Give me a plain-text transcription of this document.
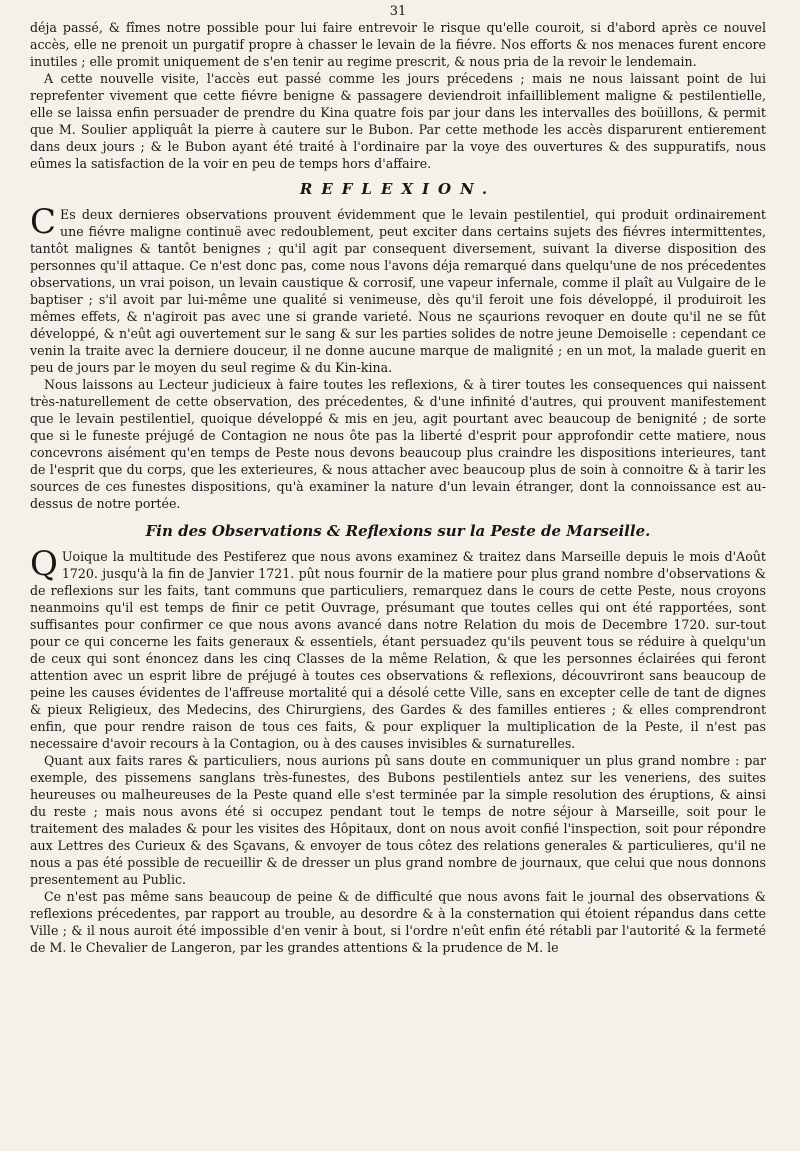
31

déja passé, & fîmes notre possible pour lui faire entrevoir le risque qu'elle couroit, si d'abord après ce nouvel accès, elle ne prenoit un purgatif propre à chasser le levain de la fiévre. Nos efforts & nos menaces furent encore inutiles ; elle promit uniquement de s'en tenir au regime prescrit, & nous pria de la revoir le lendemain.

A cette nouvelle visite, l'accès eut passé comme les jours précedens ; mais ne nous laissant point de lui reprefenter vivement que cette fiévre benigne & passagere deviendroit infailliblement maligne & pestilentielle, elle se laissa enfin persuader de prendre du Kina quatre fois par jour dans les intervalles des boüillons, & permit que M. Soulier appliquât la pierre à cautere sur le Bubon. Par cette methode les accès disparurent entierement dans deux jours ; & le Bubon ayant été traité à l'ordinaire par la voye des ouvertures & des suppuratifs, nous eûmes la satisfaction de la voir en peu de temps hors d'affaire.

REFLEXION.

C Es deux dernieres observations prouvent évidemment que le levain pestilentiel, qui produit ordinairement une fiévre maligne continuë avec redoublement, peut exciter dans certains sujets des fiévres intermittentes, tantôt malignes & tantôt benignes ; qu'il agit par consequent diversement, suivant la diverse disposition des personnes qu'il attaque. Ce n'est donc pas, come nous l'avons déja remarqué dans quelqu'une de nos précedentes observations, un vrai poison, un levain caustique & corrosif, une vapeur infernale, comme il plaît au Vulgaire de le baptiser ; s'il avoit par lui-même une qualité si venimeuse, dès qu'il feroit une fois développé, il produiroit les mêmes effets, & n'agiroit pas avec une si grande varieté. Nous ne sçaurions revoquer en doute qu'il ne se fût développé, & n'eût agi ouvertement sur le sang & sur les parties solides de notre jeune Demoiselle : cependant ce venin la traite avec la derniere douceur, il ne donne aucune marque de malignité ; en un mot, la malade guerit en peu de jours par le moyen du seul regime & du Kin-kina.

Nous laissons au Lecteur judicieux à faire toutes les reflexions, & à tirer toutes les consequences qui naissent très-naturellement de cette observation, des précedentes, & d'une infinité d'autres, qui prouvent manifestement que le levain pestilentiel, quoique développé & mis en jeu, agit pourtant avec beaucoup de benignité ; de sorte que si le funeste préjugé de Contagion ne nous ôte pas la liberté d'esprit pour approfondir cette matiere, nous concevrons aisément qu'en temps de Peste nous devons beaucoup plus craindre les dispositions interieures, tant de l'esprit que du corps, que les exterieures, & nous attacher avec beaucoup plus de soin à connoitre & à tarir les sources de ces funestes dispositions, qu'à examiner la nature d'un levain étranger, dont la connoissance est au-dessus de notre portée.

Fin des Observations & Reflexions sur la Peste de Marseille.

Q Uoique la multitude des Pestiferez que nous avons examinez & traitez dans Marseille depuis le mois d'Août 1720. jusqu'à la fin de Janvier 1721. pût nous fournir de la matiere pour plus grand nombre d'observations & de reflexions sur les faits, tant communs que particuliers, remarquez dans le cours de cette Peste, nous croyons neanmoins qu'il est temps de finir ce petit Ouvrage, présumant que toutes celles qui ont été rapportées, sont suffisantes pour confirmer ce que nous avons avancé dans notre Relation du mois de Decembre 1720. sur-tout pour ce qui concerne les faits generaux & essentiels, étant persuadez qu'ils peuvent tous se réduire à quelqu'un de ceux qui sont énoncez dans les cinq Classes de la même Relation, & que les personnes éclairées qui feront attention avec un esprit libre de préjugé à toutes ces observations & reflexions, découvriront sans beaucoup de peine les causes évidentes de l'affreuse mortalité qui a désolé cette Ville, sans en excepter celle de tant de dignes & pieux Religieux, des Medecins, des Chirurgiens, des Gardes & des familles entieres ; & elles comprendront enfin, que pour rendre raison de tous ces faits, & pour expliquer la multiplication de la Peste, il n'est pas necessaire d'avoir recours à la Contagion, ou à des causes invisibles & surnaturelles.

Quant aux faits rares & particuliers, nous aurions pû sans doute en communiquer un plus grand nombre : par exemple, des pissemens sanglans très-funestes, des Bubons pestilentiels antez sur les veneriens, des suites heureuses ou malheureuses de la Peste quand elle s'est terminée par la simple resolution des éruptions, & ainsi du reste ; mais nous avons été si occupez pendant tout le temps de notre séjour à Marseille, soit pour le traitement des malades & pour les visites des Hôpitaux, dont on nous avoit confié l'inspection, soit pour répondre aux Lettres des Curieux & des Sçavans, & envoyer de tous côtez des relations generales & particulieres, qu'il ne nous a pas été possible de recueillir & de dresser un plus grand nombre de journaux, que celui que nous donnons presentement au Public.

Ce n'est pas même sans beaucoup de peine & de difficulté que nous avons fait le journal des observations & reflexions précedentes, par rapport au trouble, au desordre & à la consternation qui étoient répandus dans cette Ville ; & il nous auroit été impossible d'en venir à bout, si l'ordre n'eût enfin été rétabli par l'autorité & la fermeté de M. le Chevalier de Langeron, par les grandes attentions & la prudence de M. le
